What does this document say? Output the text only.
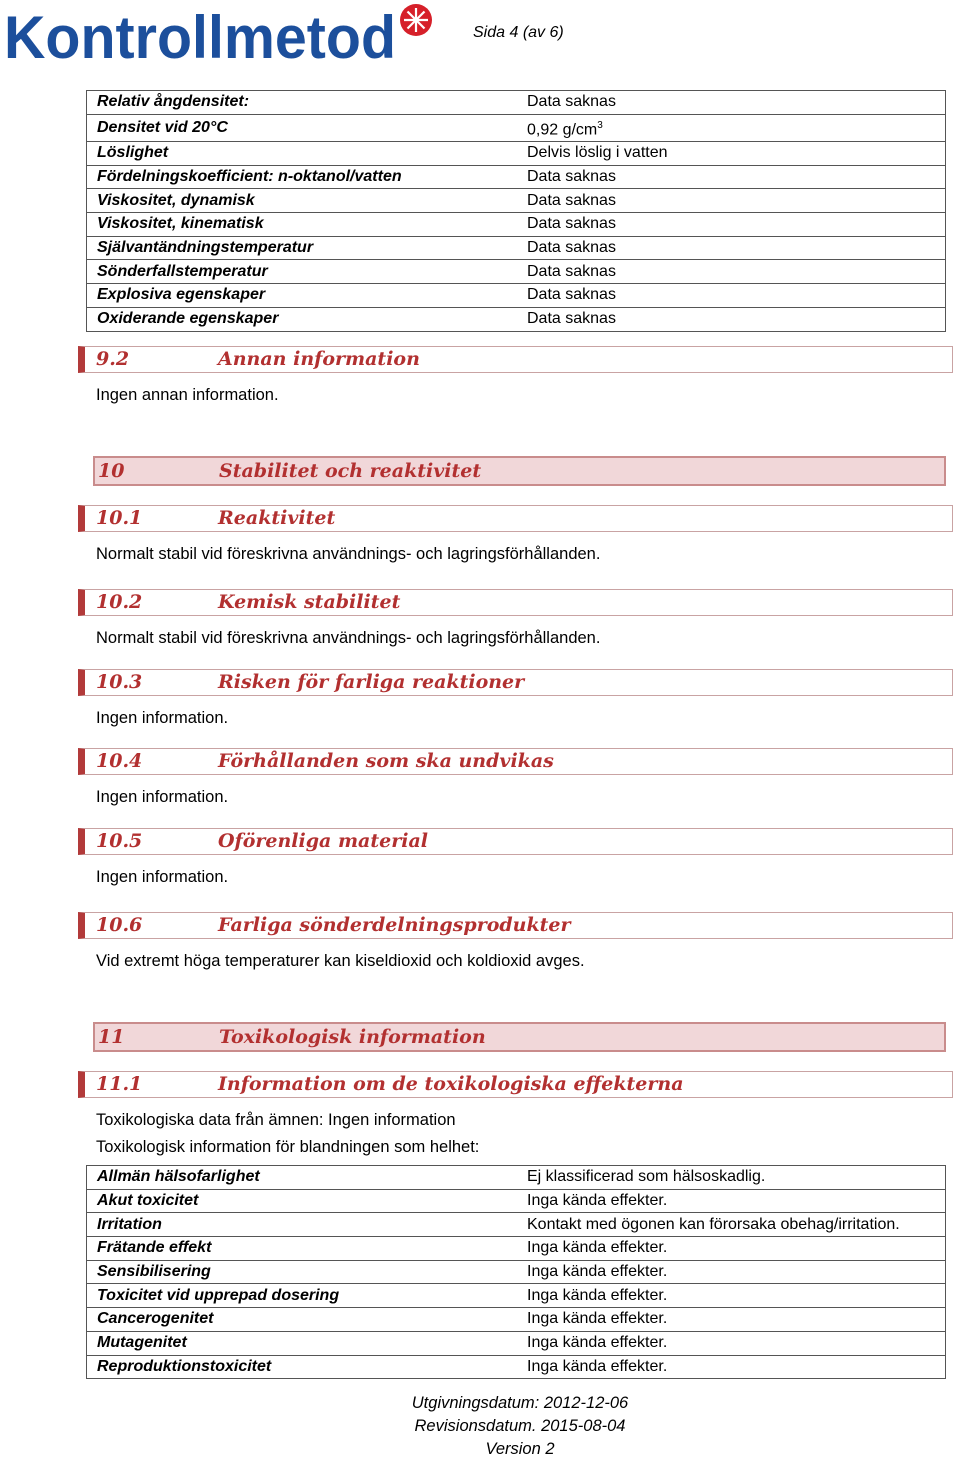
Kontrollmetod	Sida 4 (av 6)
Relativ ångdensitet:	Data saknas
Densitet vid 20°C	0,92 $g/cm^3$
Löslighet	Delvis löslig i vatten
Fördelningskoefficient: n-oktanol/vatten	Data saknas
Viskositet, dynamisk	Data saknas
Viskositet, kinematisk	Data saknas
Självantändningstemperatur	Data saknas
Sönderfallstemperatur	Data saknas
Explosiva egenskaper	Data saknas
Oxiderande egenskaper	Data saknas
9.2	Annan information
Ingen annan information.
10	Stabilitet och reaktivitet
10.1	Reaktivitet
Normalt stabil vid föreskrivna användnings- och lagringsförhållanden.
10.2	Kemisk stabilitet
Normalt stabil vid föreskrivna användnings- och lagringsförhållanden.
10.3	Risken för farliga reaktioner
Ingen information.
10.4	Förhållanden som ska undvikas
Ingen information.
10.5	Oförenliga material
Ingen information.
10.6	Farliga sönderdelningsprodukter
Vid extremt höga temperaturer kan kiseldioxid och koldioxid avges.
11	Toxikologisk information
11.1	Information om de toxikologiska effekterna
Toxikologiska data från ämnen: Ingen information
Toxikologisk information för blandningen som helhet:
Allmän hälsofarlighet	Ej klassificerad som hälsoskadlig.
Akut toxicitet	Inga kända effekter.
Irritation	Kontakt med ögonen kan förorsaka obehag/irritation.
Frätande effekt	Inga kända effekter.
Sensibilisering	Inga kända effekter.
Toxicitet vid upprepad dosering	Inga kända effekter.
Cancerogenitet	Inga kända effekter.
Mutagenitet	Inga kända effekter.
Reproduktionstoxicitet	Inga kända effekter.
Utgivningsdatum: 2012-12-06
Revisionsdatum. 2015-08-04
Version 2
